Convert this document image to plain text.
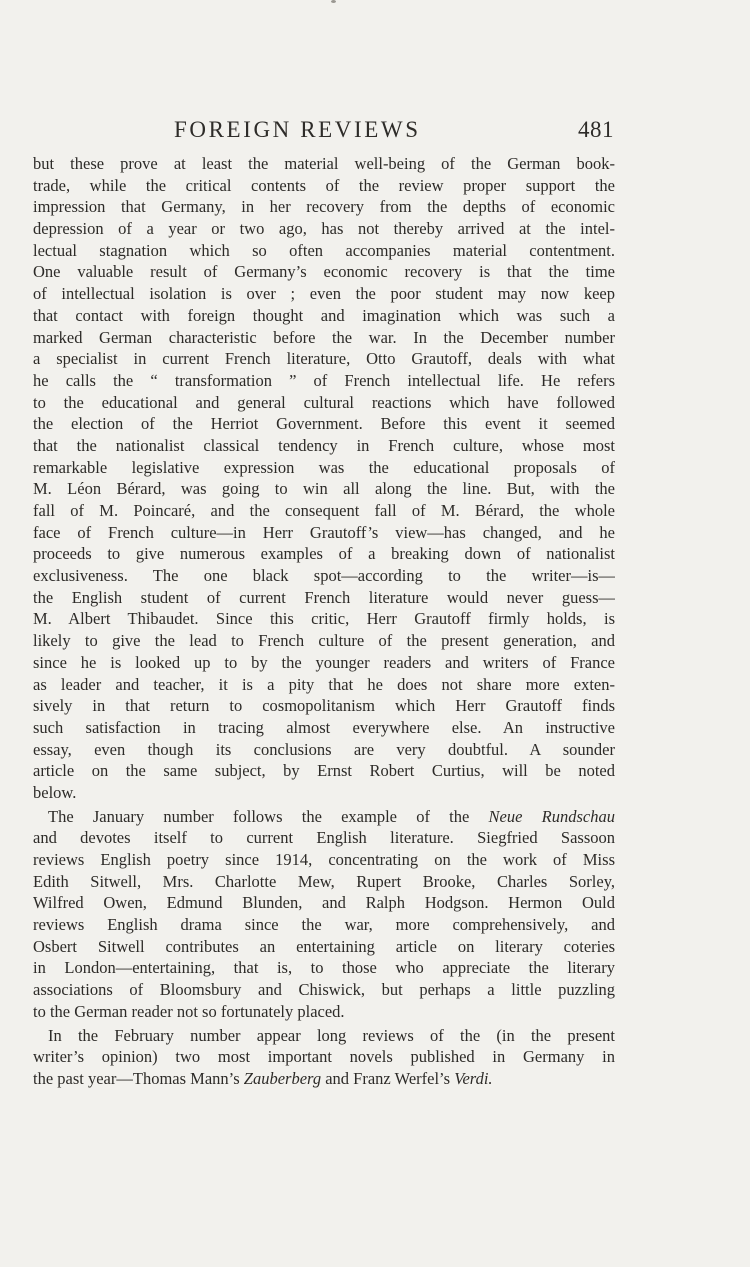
FOREIGN REVIEWS	481
but these prove at least the material well-being of the German book-
trade, while the critical contents of the review proper support the
impression that Germany, in her recovery from the depths of economic
depression of a year or two ago, has not thereby arrived at the intel-
lectual stagnation which so often accompanies material contentment.
One valuable result of Germany’s economic recovery is that the time
of intellectual isolation is over ; even the poor student may now keep
that contact with foreign thought and imagination which was such a
marked German characteristic before the war. In the December number
a specialist in current French literature, Otto Grautoff, deals with what
he calls the “ transformation ” of French intellectual life. He refers
to the educational and general cultural reactions which have followed
the election of the Herriot Government. Before this event it seemed
that the nationalist classical tendency in French culture, whose most
remarkable legislative expression was the educational proposals of
M. Léon Bérard, was going to win all along the line. But, with the
fall of M. Poincaré, and the consequent fall of M. Bérard, the whole
face of French culture—in Herr Grautoff’s view—has changed, and he
proceeds to give numerous examples of a breaking down of nationalist
exclusiveness. The one black spot—according to the writer—is—
the English student of current French literature would never guess—
M. Albert Thibaudet. Since this critic, Herr Grautoff firmly holds, is
likely to give the lead to French culture of the present generation, and
since he is looked up to by the younger readers and writers of France
as leader and teacher, it is a pity that he does not share more exten-
sively in that return to cosmopolitanism which Herr Grautoff finds
such satisfaction in tracing almost everywhere else. An instructive
essay, even though its conclusions are very doubtful. A sounder
article on the same subject, by Ernst Robert Curtius, will be noted
below.
The January number follows the example of the Neue Rundschau
and devotes itself to current English literature. Siegfried Sassoon
reviews English poetry since 1914, concentrating on the work of Miss
Edith Sitwell, Mrs. Charlotte Mew, Rupert Brooke, Charles Sorley,
Wilfred Owen, Edmund Blunden, and Ralph Hodgson. Hermon Ould
reviews English drama since the war, more comprehensively, and
Osbert Sitwell contributes an entertaining article on literary coteries
in London—entertaining, that is, to those who appreciate the literary
associations of Bloomsbury and Chiswick, but perhaps a little puzzling
to the German reader not so fortunately placed.
In the February number appear long reviews of the (in the present
writer’s opinion) two most important novels published in Germany in
the past year—Thomas Mann’s Zauberberg and Franz Werfel’s Verdi.
